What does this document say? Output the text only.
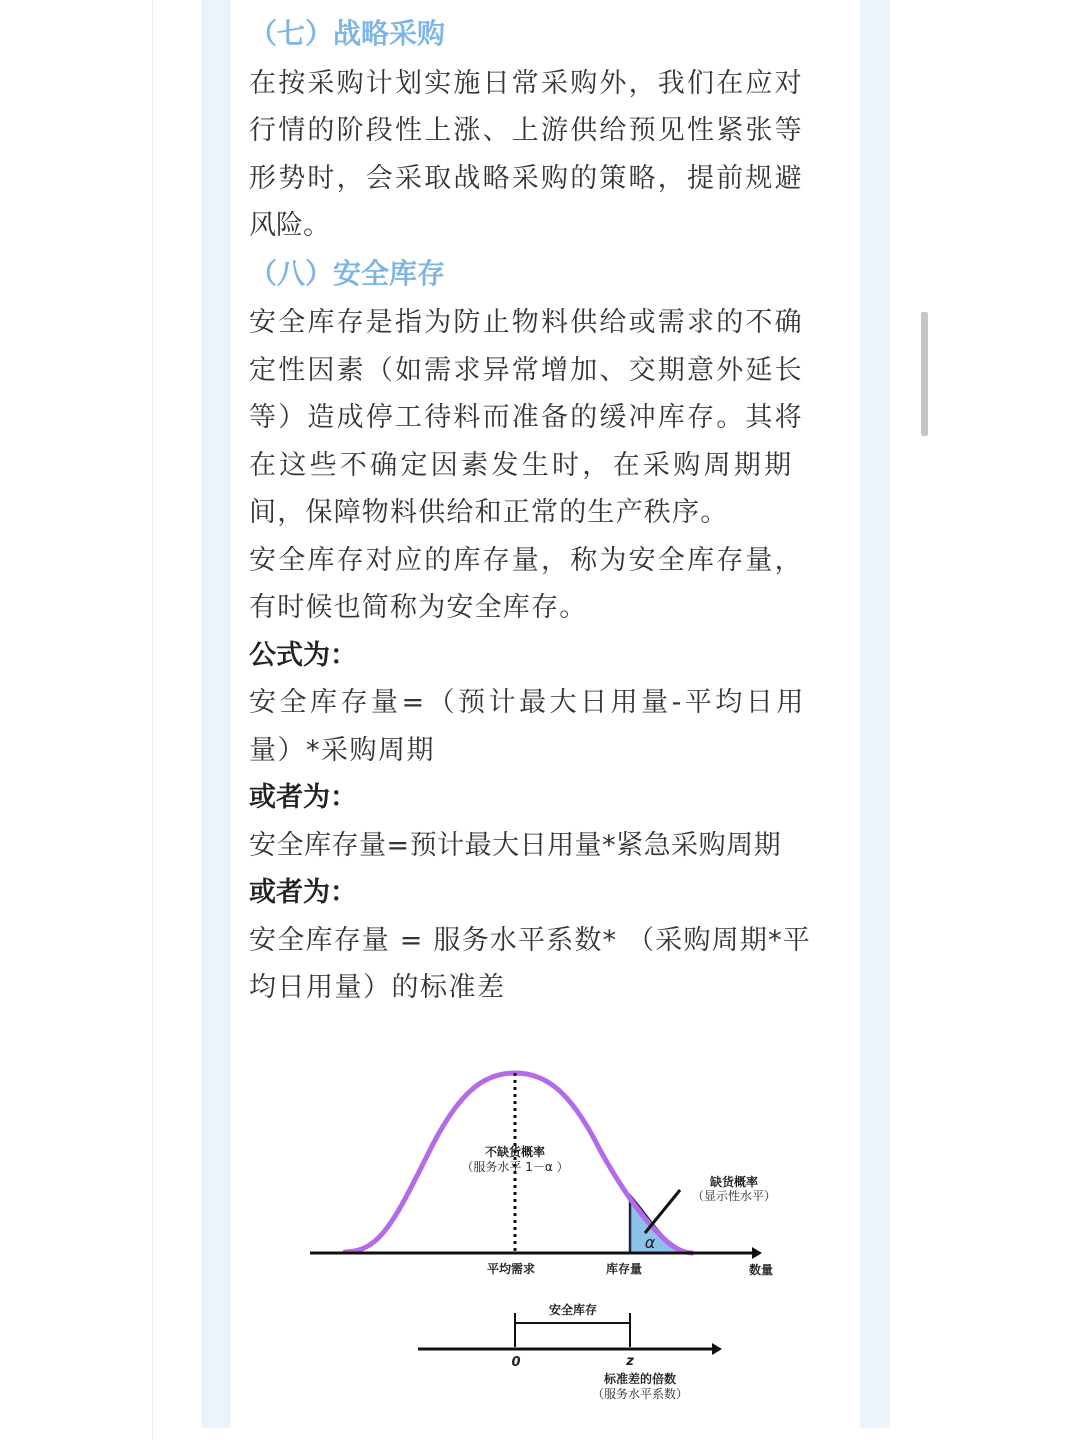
（七）战略采购
在按采购计划实施日常采购外，我们在应对
行情的阶段性上涨、上游供给预见性紧张等
形势时，会采取战略采购的策略，提前规避
风险。
（八）安全库存
安全库存是指为防止物料供给或需求的不确
定性因素（如需求异常增加、交期意外延长
等）造成停工待料而准备的缓冲库存。其将
在这些不确定因素发生时，在采购周期期
间，保障物料供给和正常的生产秩序。
安全库存对应的库存量，称为安全库存量，
有时候也简称为安全库存。
公式为：
安全库存量=（预计最大日用量-平均日用
量）*采购周期
或者为：
安全库存量=预计最大日用量*紧急采购周期
或者为：
安全库存量 = 服务水平系数* （采购周期*平
均日用量）的标准差
不缺货概率
（服务水平 1－α ）
缺货概率
（显示性水平）
α
平均需求	库存量	数量
安全库存
0	z
标准差的倍数
（服务水平系数）
